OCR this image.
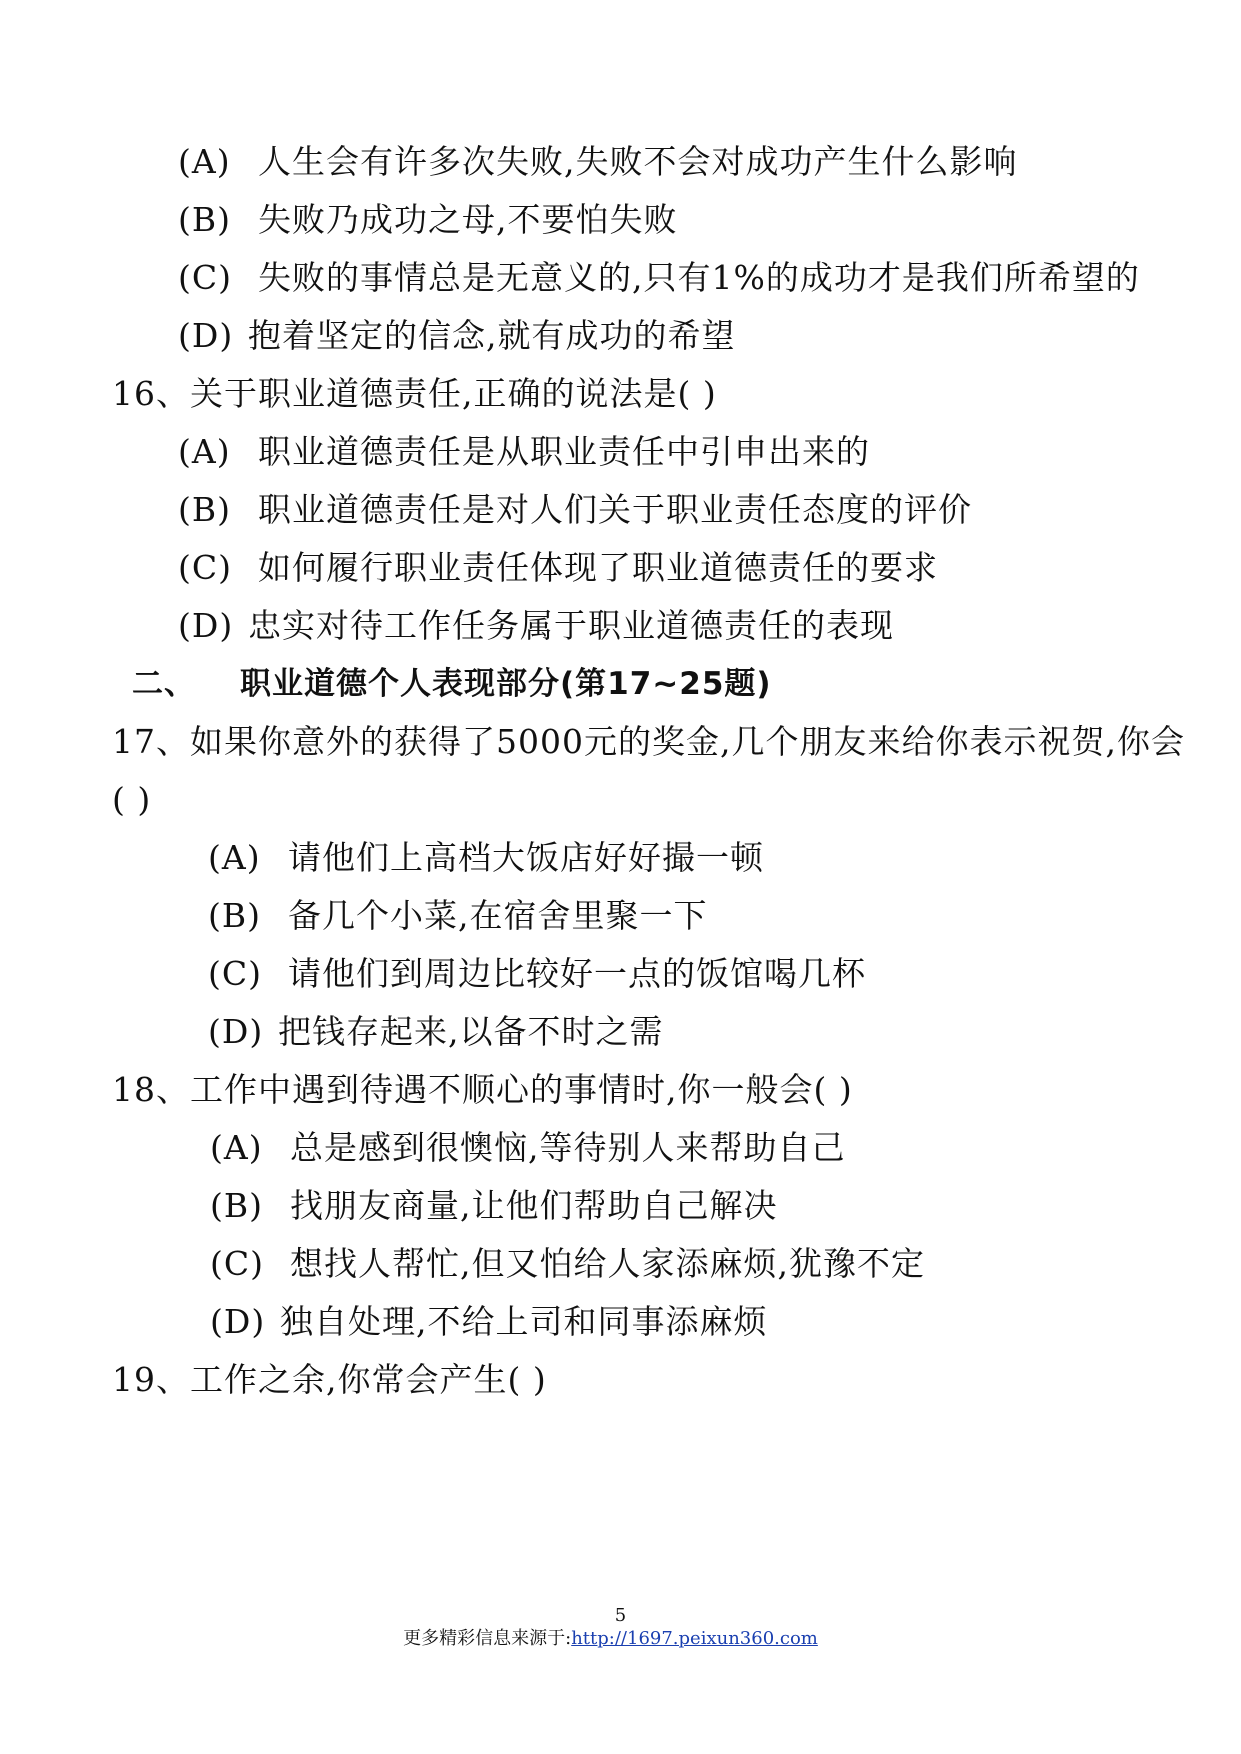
(A) 人生会有许多次失败,失败不会对成功产生什么影响
(B) 失败乃成功之母,不要怕失败
(C) 失败的事情总是无意义的,只有1%的成功才是我们所希望的
(D) 抱着坚定的信念,就有成功的希望
16、关于职业道德责任,正确的说法是( )
(A) 职业道德责任是从职业责任中引申出来的
(B) 职业道德责任是对人们关于职业责任态度的评价
(C) 如何履行职业责任体现了职业道德责任的要求
(D) 忠实对待工作任务属于职业道德责任的表现
二、 职业道德个人表现部分(第17~25题)
17、如果你意外的获得了5000元的奖金,几个朋友来给你表示祝贺,你会
( )
(A) 请他们上高档大饭店好好撮一顿
(B) 备几个小菜,在宿舍里聚一下
(C) 请他们到周边比较好一点的饭馆喝几杯
(D) 把钱存起来,以备不时之需
18、工作中遇到待遇不顺心的事情时,你一般会( )
(A) 总是感到很懊恼,等待别人来帮助自己
(B) 找朋友商量,让他们帮助自己解决
(C) 想找人帮忙,但又怕给人家添麻烦,犹豫不定
(D) 独自处理,不给上司和同事添麻烦
19、工作之余,你常会产生( )
5
更多精彩信息来源于:http://1697.peixun360.com
